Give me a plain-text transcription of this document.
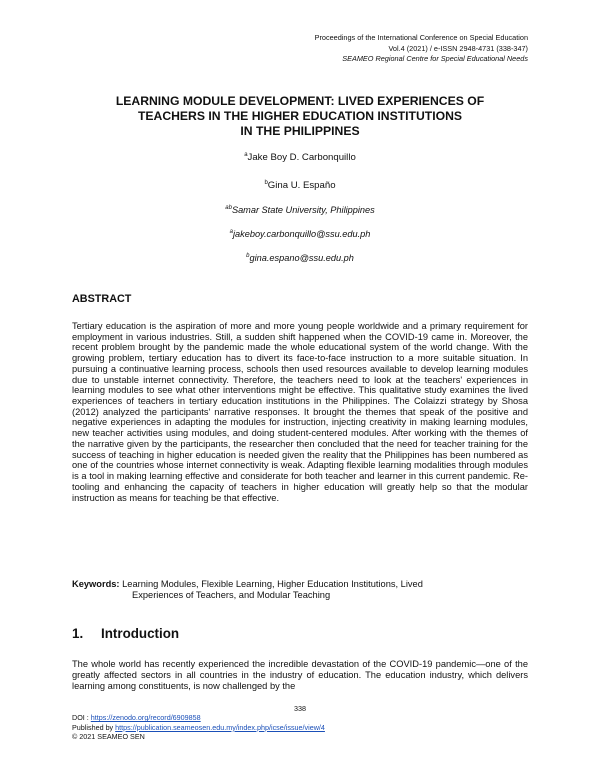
Proceedings of the International Conference on Special Education
Vol.4 (2021) / e-ISSN 2948-4731 (338-347)
SEAMEO Regional Centre for Special Educational Needs
LEARNING MODULE DEVELOPMENT: LIVED EXPERIENCES OF
TEACHERS IN THE HIGHER EDUCATION INSTITUTIONS
IN THE PHILIPPINES
$^a$Jake Boy D. Carbonquillo
$^b$Gina U. Españo
$^{ab}$Samar State University, Philippines
$^a$jakeboy.carbonquillo@ssu.edu.ph
$^b$gina.espano@ssu.edu.ph
ABSTRACT

Tertiary education is the aspiration of more and more young people worldwide and a primary requirement for employment in various industries. Still, a sudden shift happened when the COVID-19 came in. Moreover, the recent problem brought by the pandemic made the whole educational system of the world change. With the growing problem, tertiary education has to divert its face-to-face instruction to a more suitable situation. In pursuing a continuative learning process, schools then used resources available to develop learning modules due to unstable internet connectivity. Therefore, the teachers need to look at the teachers' experiences in learning modules to see what other interventions might be effective. This qualitative study examines the lived experiences of teachers in tertiary education institutions in the Philippines. The Colaizzi strategy by Shosa (2012) analyzed the participants' narrative responses. It brought the themes that speak of the positive and negative experiences in adapting the modules for instruction, injecting creativity in making learning modules, new teacher activities using modules, and doing student-centered modules. After working with the themes of the narrative given by the participants, the researcher then concluded that the need for teacher training for the success of teaching in higher education is needed given the reality that the Philippines has been numbered as one of the countries whose internet connectivity is weak. Adapting flexible learning modalities through modules is a tool in making learning effective and considerate for both teacher and learner in this current pandemic. Re-tooling and enhancing the capacity of teachers in higher education will greatly help so that the modular instruction as means for teaching be that effective.

Keywords: Learning Modules, Flexible Learning, Higher Education Institutions, Lived
Experiences of Teachers, and Modular Teaching
1. Introduction

The whole world has recently experienced the incredible devastation of the COVID-19 pandemic—one of the greatly affected sectors in all countries in the industry of education. The education industry, which delivers learning among constituents, is now challenged by the

338
DOI : https://zenodo.org/record/6909858
Published by https://publication.seameosen.edu.my/index.php/icse/issue/view/4
© 2021 SEAMEO SEN
